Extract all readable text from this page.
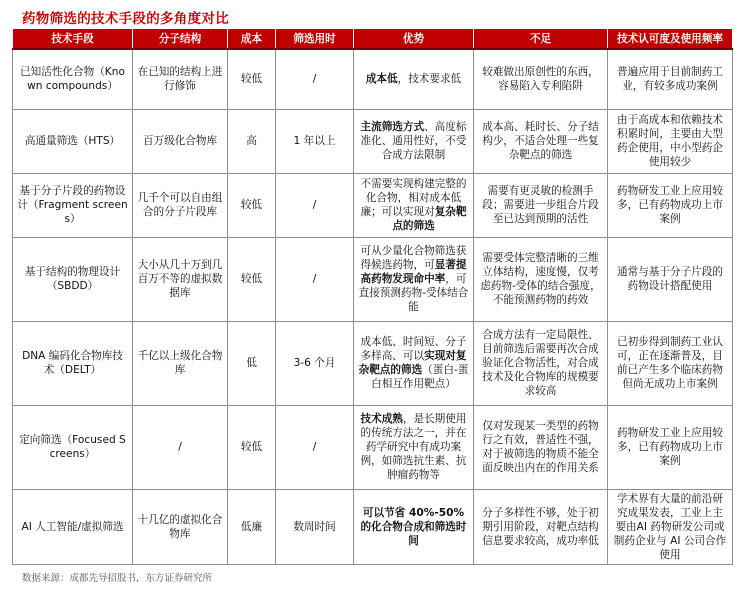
药物筛选的技术手段的多角度对比
技术手段	分子结构	成本	筛选用时	优势	不足	技术认可度及使用频率
已知活性化合物（Known compounds）	在已知的结构上进行修饰	较低	/	成本低，技术要求低	较难做出原创性的东西，容易陷入专利陷阱	普遍应用于目前制药工业，有较多成功案例
高通量筛选（HTS）	百万级化合物库	高	1 年以上	主流筛选方式、高度标准化、通用性好，不受合成方法限制	成本高、耗时长、分子结构少，不适合处理一些复杂靶点的筛选	由于高成本和依赖技术积累时间，主要由大型药企使用，中小型药企使用较少
基于分子片段的药物设计（Fragment screens）	几千个可以自由组合的分子片段库	较低	/	不需要实现构建完整的化合物，相对成本低廉；可以实现对复杂靶点的筛选	需要有更灵敏的检测手段；需要进一步组合片段至已达到预期的活性	药物研发工业上应用较多，已有药物成功上市案例
基于结构的物理设计（SBDD）	大小从几十万到几百万不等的虚拟数据库	较低	/	可从少量化合物筛选获得候选药物，可显著提高药物发现命中率，可直接预测药物-受体结合能	需要受体完整清晰的三维立体结构，速度慢，仅考虑药物-受体的结合强度，不能预测药物的药效	通常与基于分子片段的药物设计搭配使用
DNA 编码化合物库技术（DELT）	千亿以上级化合物库	低	3-6 个月	成本低、时间短、分子多样高、可以实现对复杂靶点的筛选（蛋白-蛋白相互作用靶点）	合成方法有一定局限性、目前筛选后需要再次合成验证化合物活性，对合成技术及化合物库的规模要求较高	已初步得到制药工业认可，正在逐渐普及，目前已产生多个临床药物但尚无成功上市案例
定向筛选（Focused Screens）	/	较低	/	技术成熟，是长期使用的传统方法之一，并在药学研究中有成功案例，如筛选抗生素、抗肿瘤药物等	仅对发现某一类型的药物行之有效，普适性不强，对于被筛选的物质不能全面反映出内在的作用关系	药物研发工业上应用较多，已有药物成功上市案例
AI 人工智能/虚拟筛选	十几亿的虚拟化合物库	低廉	数周时间	可以节省 40%-50%的化合物合成和筛选时间	分子多样性不够，处于初期引用阶段，对靶点结构信息要求较高，成功率低	学术界有大量的前沿研究成果发表，工业上主要由AI 药物研发公司或制药企业与 AI 公司合作使用
数据来源：成都先导招股书，东方证券研究所
